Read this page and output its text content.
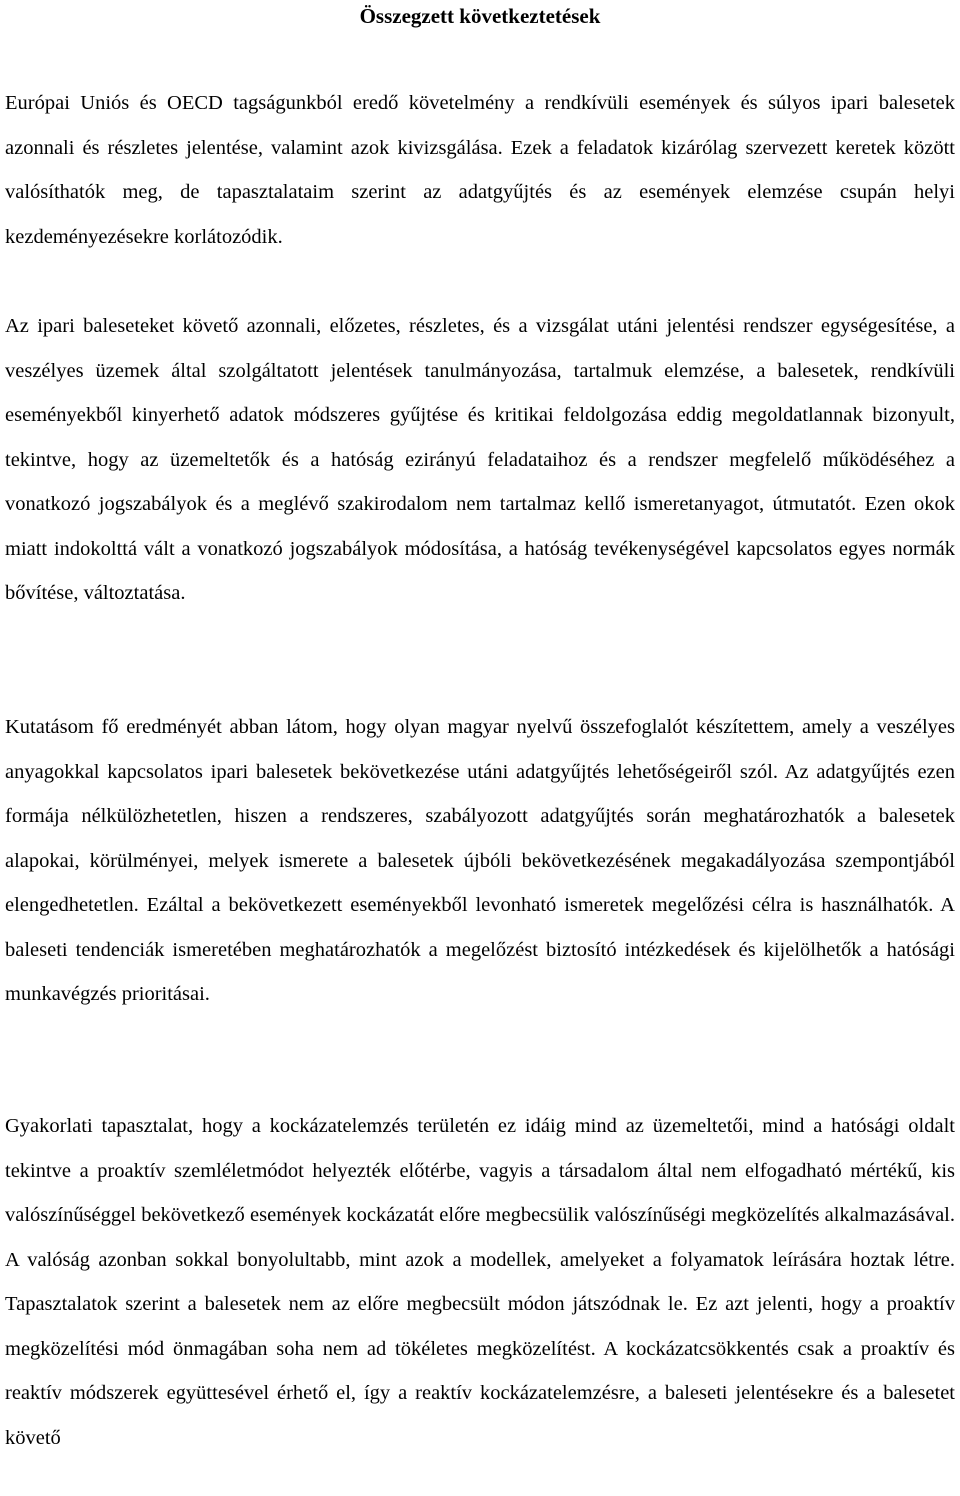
Összegzett következtetések

Európai Uniós és OECD tagságunkból eredő követelmény a rendkívüli események és súlyos ipari balesetek azonnali és részletes jelentése, valamint azok kivizsgálása. Ezek a feladatok kizárólag szervezett keretek között valósíthatók meg, de tapasztalataim szerint az adatgyűjtés és az események elemzése csupán helyi kezdeményezésekre korlátozódik.

Az ipari baleseteket követő azonnali, előzetes, részletes, és a vizsgálat utáni jelentési rendszer egységesítése, a veszélyes üzemek által szolgáltatott jelentések tanulmányozása, tartalmuk elemzése, a balesetek, rendkívüli eseményekből kinyerhető adatok módszeres gyűjtése és kritikai feldolgozása eddig megoldatlannak bizonyult, tekintve, hogy az üzemeltetők és a hatóság ezirányú feladataihoz és a rendszer megfelelő működéséhez a vonatkozó jogszabályok és a meglévő szakirodalom nem tartalmaz kellő ismeretanyagot, útmutatót. Ezen okok miatt indokolttá vált a vonatkozó jogszabályok módosítása, a hatóság tevékenységével kapcsolatos egyes normák bővítése, változtatása.

Kutatásom fő eredményét abban látom, hogy olyan magyar nyelvű összefoglalót készítettem, amely a veszélyes anyagokkal kapcsolatos ipari balesetek bekövetkezése utáni adatgyűjtés lehetőségeiről szól. Az adatgyűjtés ezen formája nélkülözhetetlen, hiszen a rendszeres, szabályozott adatgyűjtés során meghatározhatók a balesetek alapokai, körülményei, melyek ismerete a balesetek újbóli bekövetkezésének megakadályozása szempontjából elengedhetetlen. Ezáltal a bekövetkezett eseményekből levonható ismeretek megelőzési célra is használhatók. A baleseti tendenciák ismeretében meghatározhatók a megelőzést biztosító intézkedések és kijelölhetők a hatósági munkavégzés prioritásai.

Gyakorlati tapasztalat, hogy a kockázatelemzés területén ez idáig mind az üzemeltetői, mind a hatósági oldalt tekintve a proaktív szemléletmódot helyezték előtérbe, vagyis a társadalom által nem elfogadható mértékű, kis valószínűséggel bekövetkező események kockázatát előre megbecsülik valószínűségi megközelítés alkalmazásával. A valóság azonban sokkal bonyolultabb, mint azok a modellek, amelyeket a folyamatok leírására hoztak létre. Tapasztalatok szerint a balesetek nem az előre megbecsült módon játszódnak le. Ez azt jelenti, hogy a proaktív megközelítési mód önmagában soha nem ad tökéletes megközelítést. A kockázatcsökkentés csak a proaktív és reaktív módszerek együttesével érhető el, így a reaktív kockázatelemzésre, a baleseti jelentésekre és a balesetet követő
